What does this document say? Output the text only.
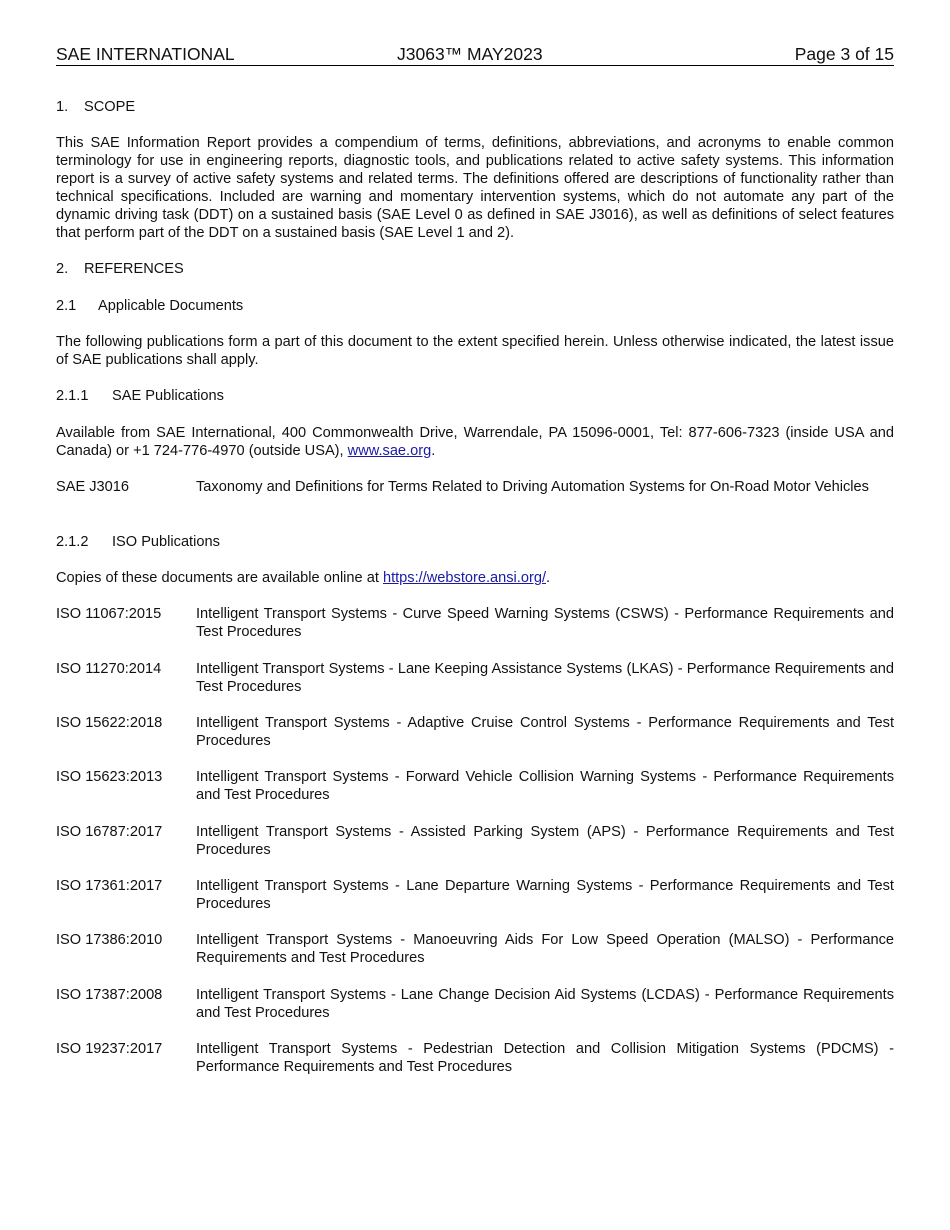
SAE INTERNATIONAL	J3063™ MAY2023	Page 3 of 15
1. SCOPE
This SAE Information Report provides a compendium of terms, definitions, abbreviations, and acronyms to enable common terminology for use in engineering reports, diagnostic tools, and publications related to active safety systems. This information report is a survey of active safety systems and related terms. The definitions offered are descriptions of functionality rather than technical specifications. Included are warning and momentary intervention systems, which do not automate any part of the dynamic driving task (DDT) on a sustained basis (SAE Level 0 as defined in SAE J3016), as well as definitions of select features that perform part of the DDT on a sustained basis (SAE Level 1 and 2).
2. REFERENCES
2.1 Applicable Documents
The following publications form a part of this document to the extent specified herein. Unless otherwise indicated, the latest issue of SAE publications shall apply.
2.1.1 SAE Publications
Available from SAE International, 400 Commonwealth Drive, Warrendale, PA 15096-0001, Tel: 877-606-7323 (inside USA and Canada) or +1 724-776-4970 (outside USA), www.sae.org.
SAE J3016	Taxonomy and Definitions for Terms Related to Driving Automation Systems for On-Road Motor Vehicles
2.1.2 ISO Publications
Copies of these documents are available online at https://webstore.ansi.org/.
ISO 11067:2015 Intelligent Transport Systems - Curve Speed Warning Systems (CSWS) - Performance Requirements and Test Procedures
ISO 11270:2014 Intelligent Transport Systems - Lane Keeping Assistance Systems (LKAS) - Performance Requirements and Test Procedures
ISO 15622:2018 Intelligent Transport Systems - Adaptive Cruise Control Systems - Performance Requirements and Test Procedures
ISO 15623:2013 Intelligent Transport Systems - Forward Vehicle Collision Warning Systems - Performance Requirements and Test Procedures
ISO 16787:2017 Intelligent Transport Systems - Assisted Parking System (APS) - Performance Requirements and Test Procedures
ISO 17361:2017 Intelligent Transport Systems - Lane Departure Warning Systems - Performance Requirements and Test Procedures
ISO 17386:2010 Intelligent Transport Systems - Manoeuvring Aids For Low Speed Operation (MALSO) - Performance Requirements and Test Procedures
ISO 17387:2008 Intelligent Transport Systems - Lane Change Decision Aid Systems (LCDAS) - Performance Requirements and Test Procedures
ISO 19237:2017 Intelligent Transport Systems - Pedestrian Detection and Collision Mitigation Systems (PDCMS) - Performance Requirements and Test Procedures
